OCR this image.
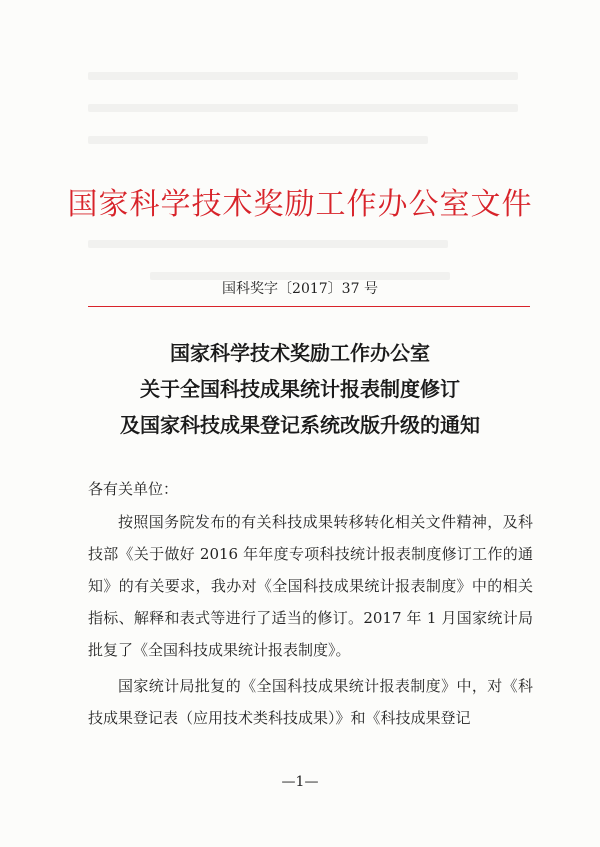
国家科学技术奖励工作办公室文件
国科奖字〔2017〕37 号
国家科学技术奖励工作办公室
关于全国科技成果统计报表制度修订
及国家科技成果登记系统改版升级的通知
各有关单位：

按照国务院发布的有关科技成果转移转化相关文件精神，及科技部《关于做好 2016 年年度专项科技统计报表制度修订工作的通知》的有关要求，我办对《全国科技成果统计报表制度》中的相关指标、解释和表式等进行了适当的修订。2017 年 1 月国家统计局批复了《全国科技成果统计报表制度》。

国家统计局批复的《全国科技成果统计报表制度》中，对《科技成果登记表（应用技术类科技成果）》和《科技成果登记

—1—
